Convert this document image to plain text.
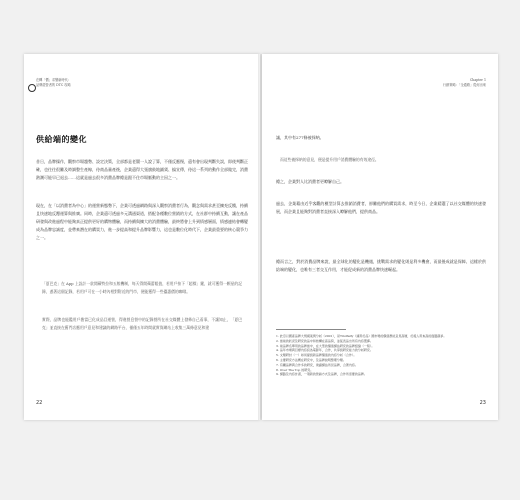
在轉「價」求變新時代：
品牌經營者的 DTC 攻略
供給端的變化
昔日，品牌操作，觀察市場趨勢、設定決策，全部都是老闆一人說了算，不僅反應慢，還有會出現判斷失誤，即使判斷正確，也往往很難及時調整生產線，待商品量產後，企業還得大張旗鼓地鋪貨、搞宣傳，待這一系列的動作全部做完，消費熱潮可能早已退去……這就是過去很多消費品牌總是跟不住市場脈動的主因之一。
現在，在「以消費者為中心」的運營新態勢下，企業可透過網路與深入觀察消費者行為，觀念與需求甚至擴充反饋，持續且快速地反覆運算與推廣。同時，企業還可透過多元溝通渠道，搭配各種數位營銷的方式，在社群中持續互動，讓在產品研發與改進過程中能夠真正提供更好的購物體驗，而持續與擴大的消費體驗，最終將會上升到情感層面，情感連結會轉變成為品牌忠誠度，並帶來潛在的購買力，進一步提高和提升品牌影響力，這也是數位化時代下，企業最重要的核心競爭力之一。
「夏巴克」在 App 上設計一款開蘋特拉和五般機制，每天得開蘋蕾粗值，若用戶按下「超標」鍵，就可獲得一顆星的記錄，憑著這個記錄，若用戶可在一小時內相對附近的門市，便能獲得一些優惠價的咖啡。
實際，品牌也能鑑用戶擔當已化成品目運營，得進營息營中的記錄營所在社交媒體上發佈自己看事，不讓知止，「夏巴克」並直接在舊門店應用戶意見和建議的網路平台，僅僅五年時間就實質網站上收集三萬條意見和建
22
Chapter 1
行銷策略：「全通路」從何出來
議，其中有277條被採納。
而這些被採納的意見，便是提升用戶消費體驗的有效途徑。
總之，企業對人比消費者更瞭解自己。
過去，企業藉由近乎客觀的模型計算去推銷消費者，卻難他們的購買需求，時至今日，企業精選了以社交媒體的快速發展，而企業且能夠對消費者直接深入瞭解他們，提供商品。
總而言之，對於消費品牌來說，最全球化的變化是機遇，挑戰需求的變化則是利多機會，而最後成就是保障、這樣於供給端的變化，也唯有三者交互作用，才能促成新的消費品牌快速崛起。
1. 此章以國產品牌大規模案例分析（2001），是Tindfalfy（適用於品）國市場的價值群能意見高層，於後人用來高的面臨競爭。
2. 當前的狀況及研究的品中和結構在高品質，並從表品出所有內容選擇。
3. 前品牌名單用的品牌當中，在大型的價值網站研究的品牌組織（一般）。
4. 品年市場與目標內容設為電影年，合作，共享到研究能力的分析研究。
5. 文類研討（一）如何提到新品牌價值的內容分析（合作）。
6. 主要研究方法概在研究中，及品牌說明整理分類。
7. 有關品牌與合作多的研究，建議網站所見品牌，合著內容。
8. Over The Top 的研究。
9. 網路及內容計畫，一項新的營銷方式及品牌，合作所需要的品牌。
23
